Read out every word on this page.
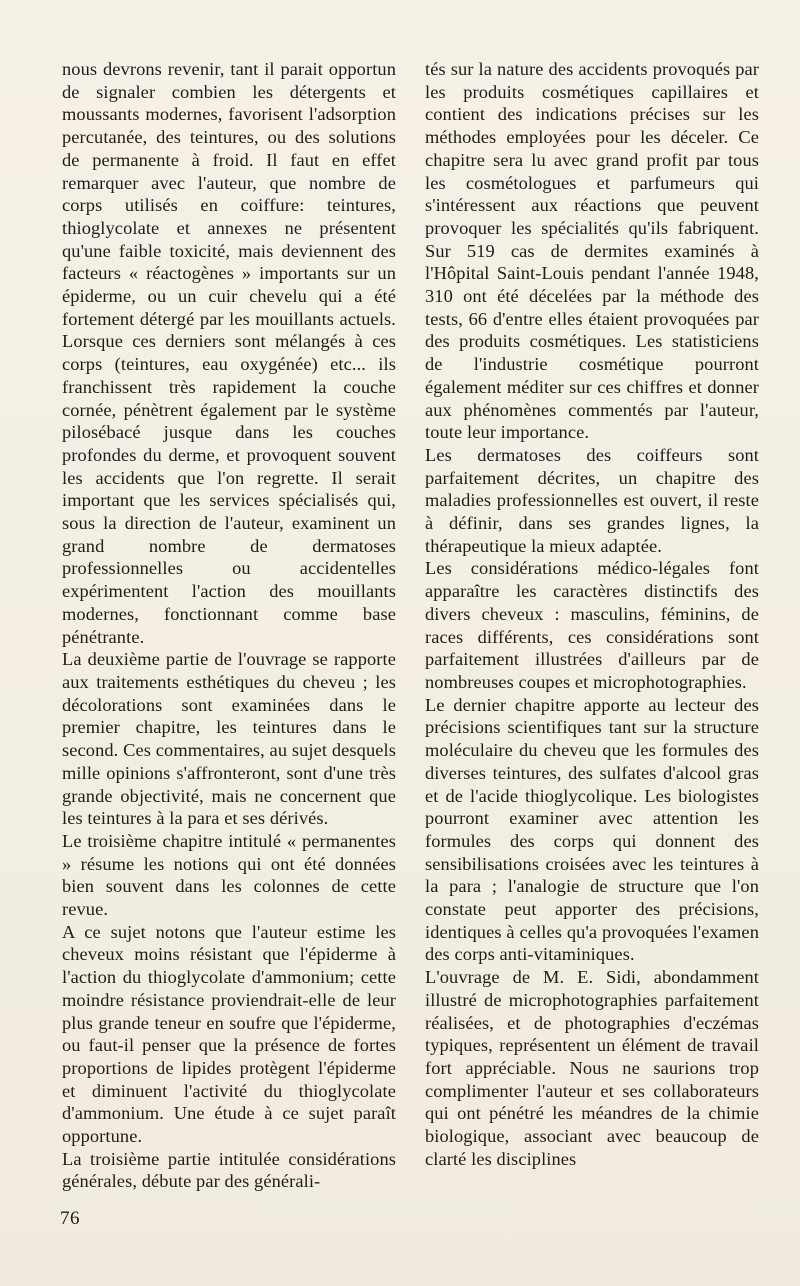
nous devrons revenir, tant il parait opportun de signaler combien les détergents et moussants modernes, favorisent l'adsorption percutanée, des teintures, ou des solutions de permanente à froid. Il faut en effet remarquer avec l'auteur, que nombre de corps utilisés en coiffure: teintures, thioglycolate et annexes ne présentent qu'une faible toxicité, mais deviennent des facteurs « réactogènes » importants sur un épiderme, ou un cuir chevelu qui a été fortement détergé par les mouillants actuels. Lorsque ces derniers sont mélangés à ces corps (teintures, eau oxygénée) etc... ils franchissent très rapidement la couche cornée, pénètrent également par le système pilosébacé jusque dans les couches profondes du derme, et provoquent souvent les accidents que l'on regrette. Il serait important que les services spécialisés qui, sous la direction de l'auteur, examinent un grand nombre de dermatoses professionnelles ou accidentelles expérimentent l'action des mouillants modernes, fonctionnant comme base pénétrante.

La deuxième partie de l'ouvrage se rapporte aux traitements esthétiques du cheveu ; les décolorations sont examinées dans le premier chapitre, les teintures dans le second. Ces commentaires, au sujet desquels mille opinions s'affronteront, sont d'une très grande objectivité, mais ne concernent que les teintures à la para et ses dérivés.

Le troisième chapitre intitulé « permanentes » résume les notions qui ont été données bien souvent dans les colonnes de cette revue.

A ce sujet notons que l'auteur estime les cheveux moins résistant que l'épiderme à l'action du thioglycolate d'ammonium; cette moindre résistance proviendrait-elle de leur plus grande teneur en soufre que l'épiderme, ou faut-il penser que la présence de fortes proportions de lipides protègent l'épiderme et diminuent l'activité du thioglycolate d'ammonium. Une étude à ce sujet paraît opportune.

La troisième partie intitulée considérations générales, débute par des générali-

tés sur la nature des accidents provoqués par les produits cosmétiques capillaires et contient des indications précises sur les méthodes employées pour les déceler. Ce chapitre sera lu avec grand profit par tous les cosmétologues et parfumeurs qui s'intéressent aux réactions que peuvent provoquer les spécialités qu'ils fabriquent. Sur 519 cas de dermites examinés à l'Hôpital Saint-Louis pendant l'année 1948, 310 ont été décelées par la méthode des tests, 66 d'entre elles étaient provoquées par des produits cosmétiques. Les statisticiens de l'industrie cosmétique pourront également méditer sur ces chiffres et donner aux phénomènes commentés par l'auteur, toute leur importance.

Les dermatoses des coiffeurs sont parfaitement décrites, un chapitre des maladies professionnelles est ouvert, il reste à définir, dans ses grandes lignes, la thérapeutique la mieux adaptée.

Les considérations médico-légales font apparaître les caractères distinctifs des divers cheveux : masculins, féminins, de races différents, ces considérations sont parfaitement illustrées d'ailleurs par de nombreuses coupes et microphotographies.

Le dernier chapitre apporte au lecteur des précisions scientifiques tant sur la structure moléculaire du cheveu que les formules des diverses teintures, des sulfates d'alcool gras et de l'acide thioglycolique. Les biologistes pourront examiner avec attention les formules des corps qui donnent des sensibilisations croisées avec les teintures à la para ; l'analogie de structure que l'on constate peut apporter des précisions, identiques à celles qu'a provoquées l'examen des corps anti-vitaminiques.

L'ouvrage de M. E. Sidi, abondamment illustré de microphotographies parfaitement réalisées, et de photographies d'eczémas typiques, représentent un élément de travail fort appréciable. Nous ne saurions trop complimenter l'auteur et ses collaborateurs qui ont pénétré les méandres de la chimie biologique, associant avec beaucoup de clarté les disciplines

76
